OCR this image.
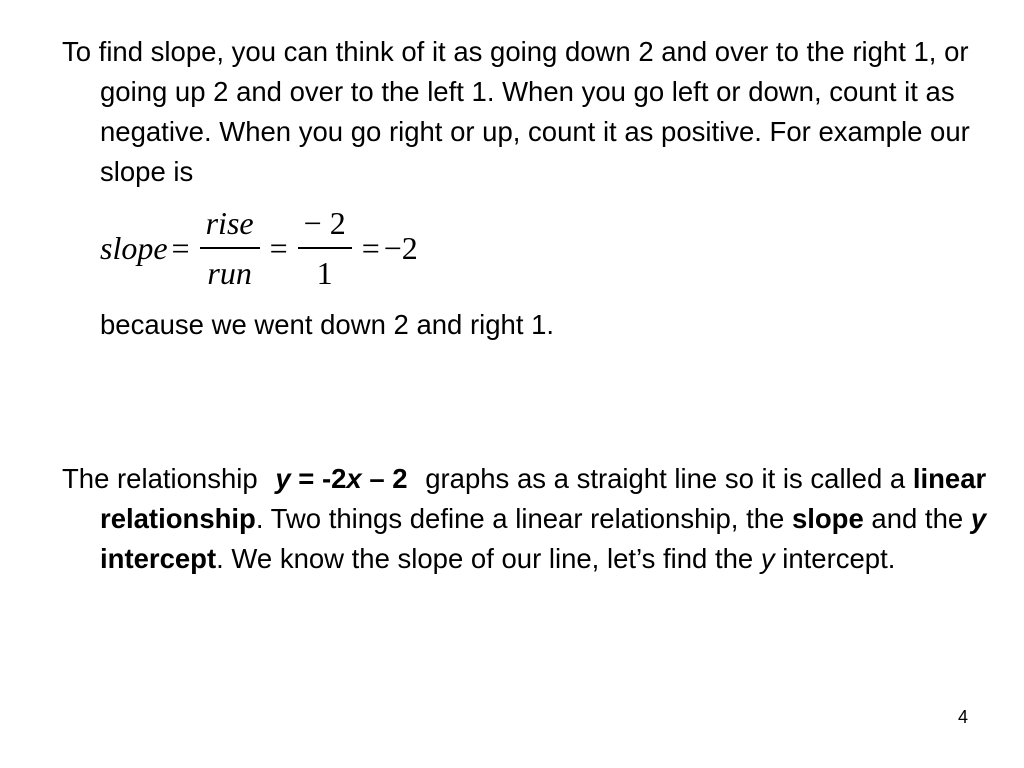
To find slope, you can think of it as going down 2 and over to the right 1, or going up 2 and over to the left 1. When you go left or down, count it as negative. When you go right or up, count it as positive. For example our slope is

slope = $\frac{\text{rise}}{\text{run}} = \frac{- 2}{1} = -2$

because we went down 2 and right 1.

The relationship y = -2x – 2 graphs as a straight line so it is called a linear relationship. Two things define a linear relationship, the slope and the y intercept. We know the slope of our line, let’s find the y intercept.

4
